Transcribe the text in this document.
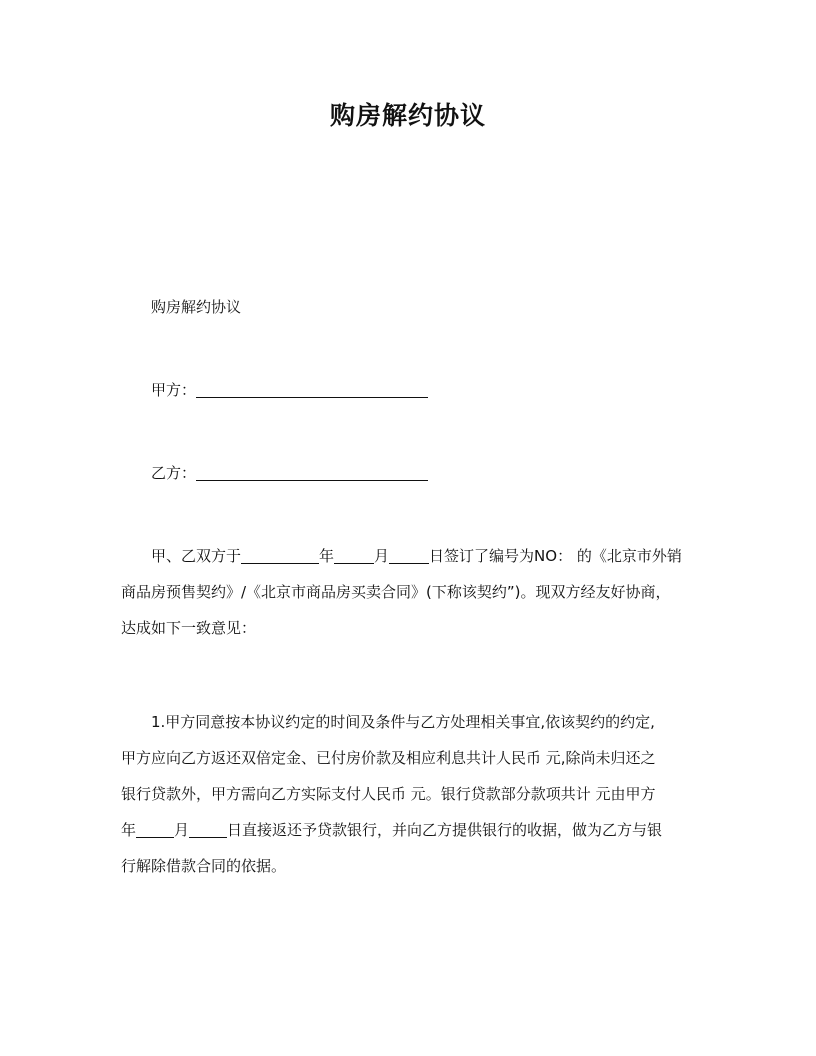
购房解约协议
购房解约协议
甲方：
乙方：
甲、乙双方于	年	月	日签订了编号为NO： 的《北京市外销
商品房预售契约》/《北京市商品房买卖合同》(下称该契约”)。现双方经友好协商，
达成如下一致意见：
1.甲方同意按本协议约定的时间及条件与乙方处理相关事宜,依该契约的约定,
甲方应向乙方返还双倍定金、已付房价款及相应利息共计人民币 元,除尚未归还之
银行贷款外，甲方需向乙方实际支付人民币 元。银行贷款部分款项共计 元由甲方
年	月	日直接返还予贷款银行，并向乙方提供银行的收据，做为乙方与银
行解除借款合同的依据。
